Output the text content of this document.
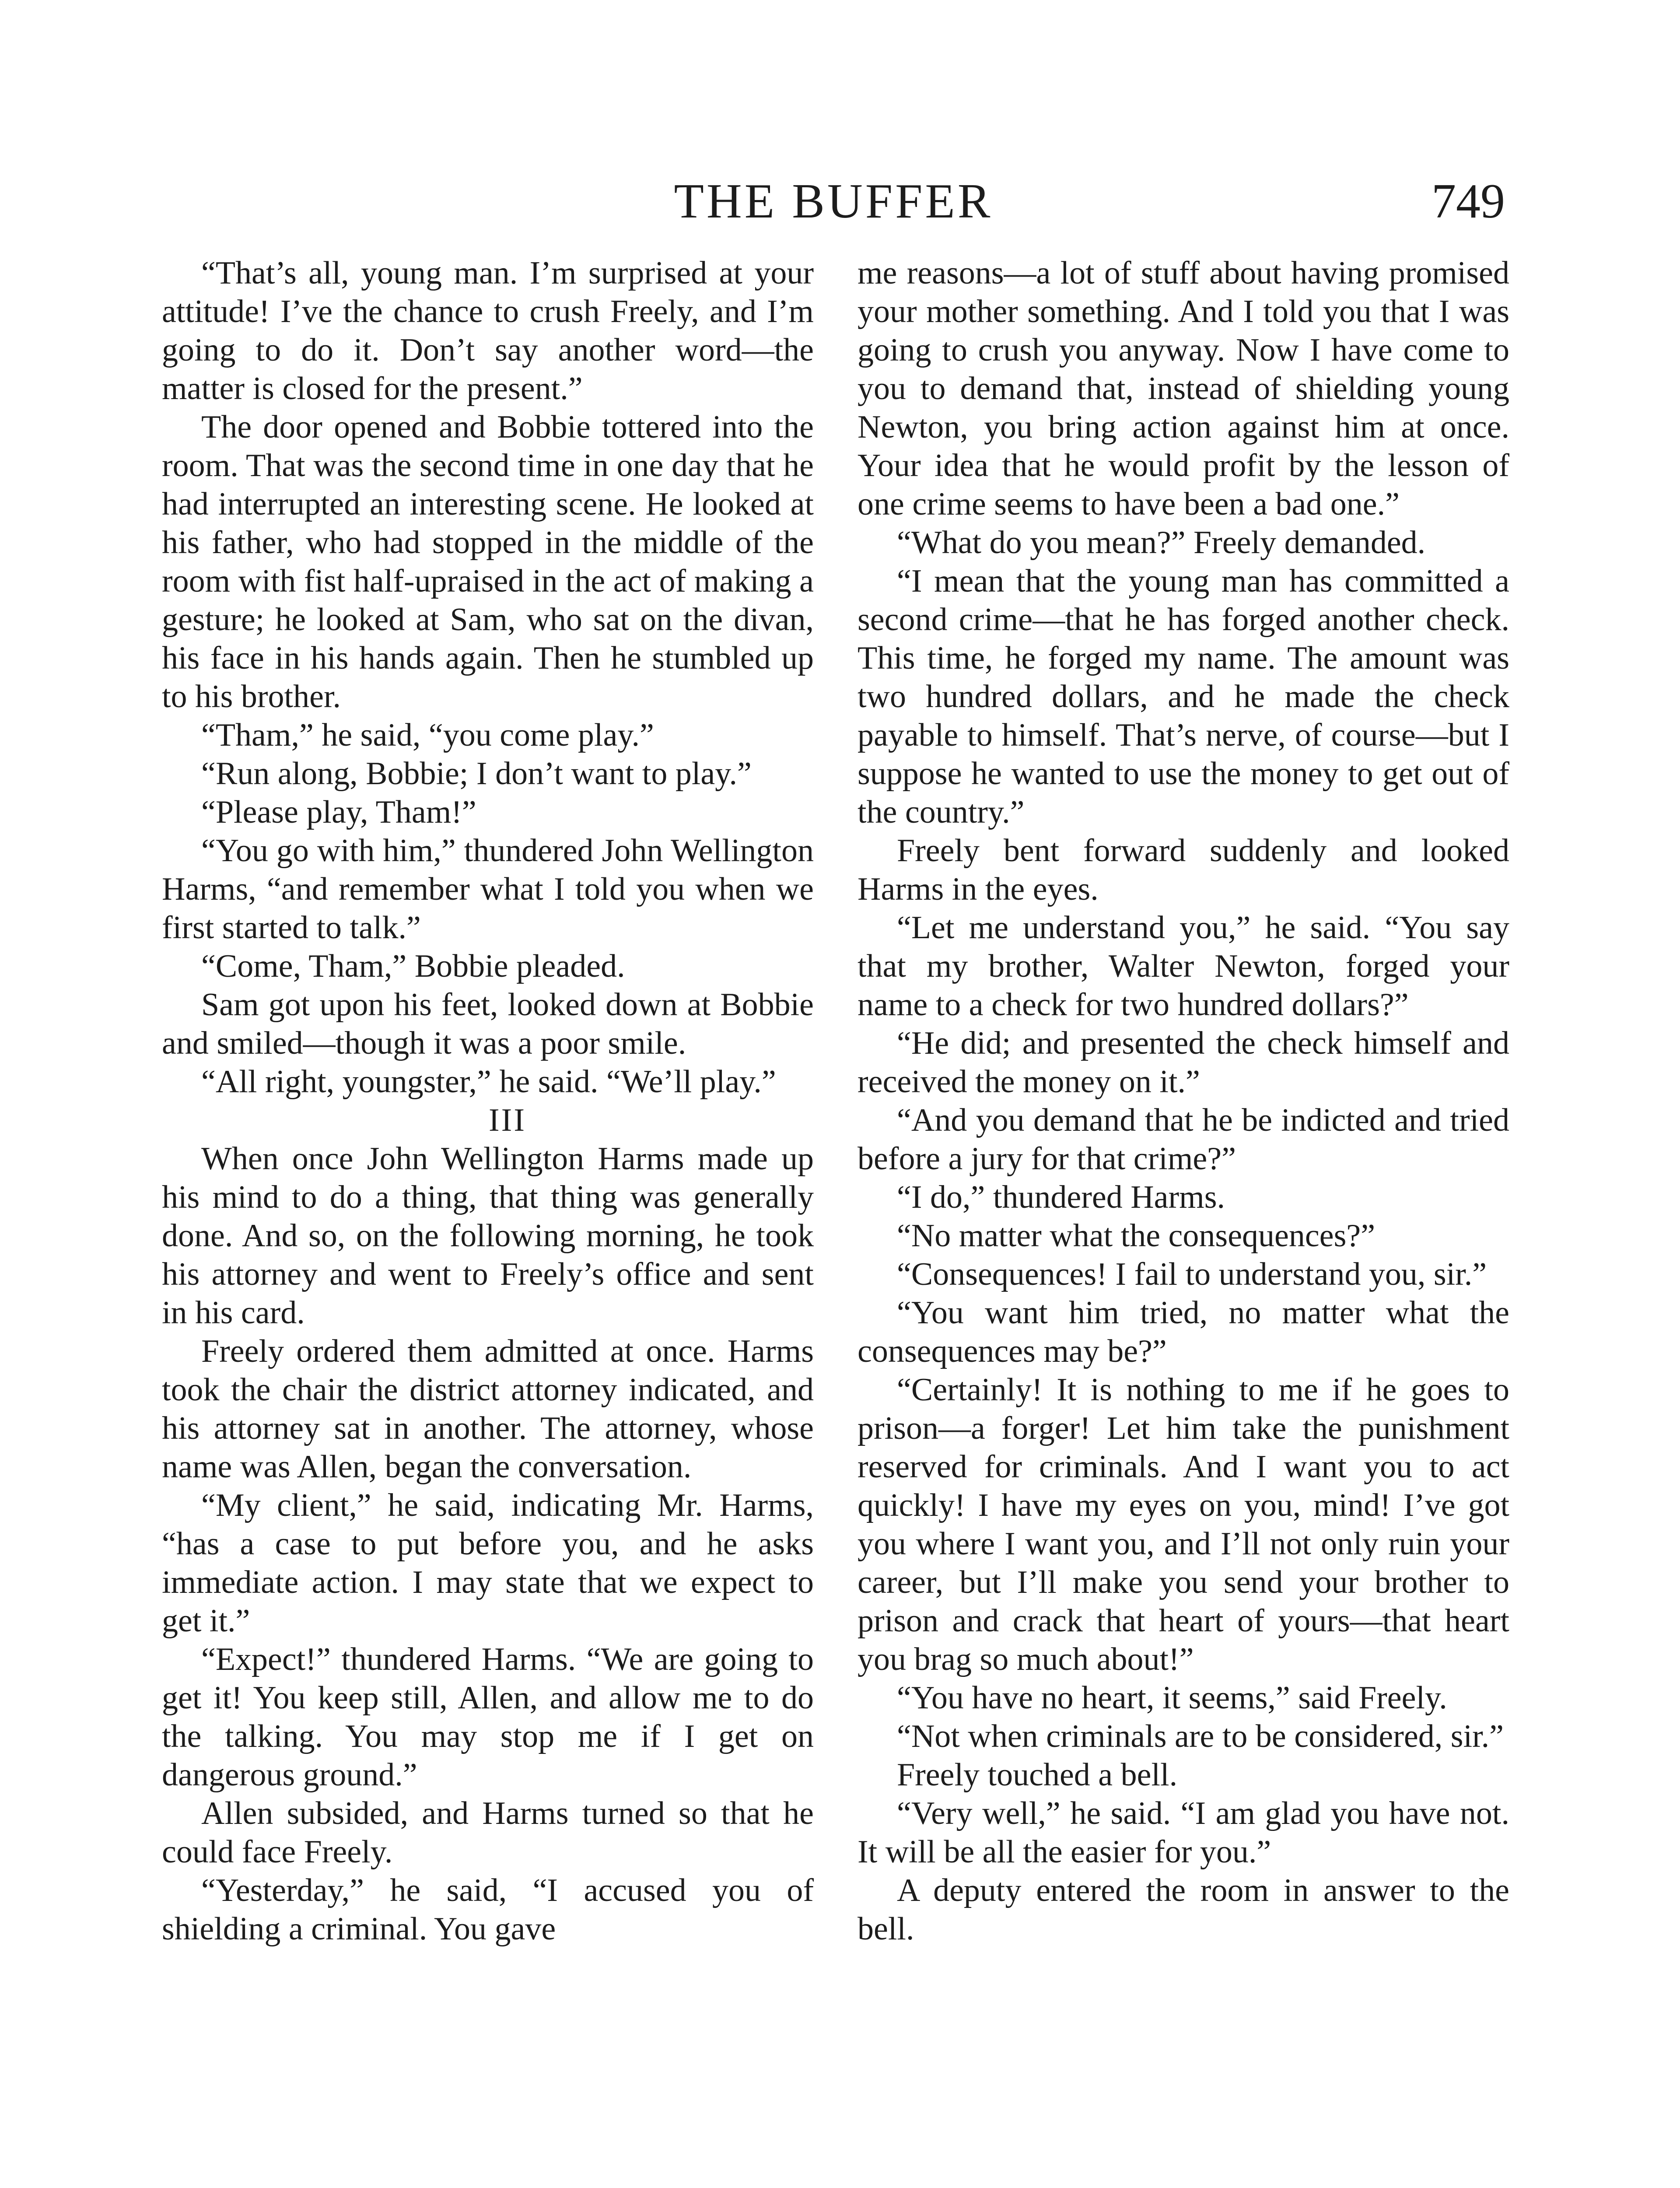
THE BUFFER	749

“That’s all, young man. I’m surprised at your attitude! I’ve the chance to crush Freely, and I’m going to do it. Don’t say another word—the matter is closed for the present.”

The door opened and Bobbie tottered into the room. That was the second time in one day that he had interrupted an interesting scene. He looked at his father, who had stopped in the middle of the room with fist half-upraised in the act of making a gesture; he looked at Sam, who sat on the divan, his face in his hands again. Then he stumbled up to his brother.

“Tham,” he said, “you come play.”

“Run along, Bobbie; I don’t want to play.”

“Please play, Tham!”

“You go with him,” thundered John Wellington Harms, “and remember what I told you when we first started to talk.”

“Come, Tham,” Bobbie pleaded.

Sam got upon his feet, looked down at Bobbie and smiled—though it was a poor smile.

“All right, youngster,” he said. “We’ll play.”

III

When once John Wellington Harms made up his mind to do a thing, that thing was generally done. And so, on the following morning, he took his attorney and went to Freely’s office and sent in his card.

Freely ordered them admitted at once. Harms took the chair the district attorney indicated, and his attorney sat in another. The attorney, whose name was Allen, began the conversation.

“My client,” he said, indicating Mr. Harms, “has a case to put before you, and he asks immediate action. I may state that we expect to get it.”

“Expect!” thundered Harms. “We are going to get it! You keep still, Allen, and allow me to do the talking. You may stop me if I get on dangerous ground.”

Allen subsided, and Harms turned so that he could face Freely.

“Yesterday,” he said, “I accused you of shielding a criminal. You gave

me reasons—a lot of stuff about having promised your mother something. And I told you that I was going to crush you anyway. Now I have come to you to demand that, instead of shielding young Newton, you bring action against him at once. Your idea that he would profit by the lesson of one crime seems to have been a bad one.”

“What do you mean?” Freely demanded.

“I mean that the young man has committed a second crime—that he has forged another check. This time, he forged my name. The amount was two hundred dollars, and he made the check payable to himself. That’s nerve, of course—but I suppose he wanted to use the money to get out of the country.”

Freely bent forward suddenly and looked Harms in the eyes.

“Let me understand you,” he said. “You say that my brother, Walter Newton, forged your name to a check for two hundred dollars?”

“He did; and presented the check himself and received the money on it.”

“And you demand that he be indicted and tried before a jury for that crime?”

“I do,” thundered Harms.

“No matter what the consequences?”

“Consequences! I fail to understand you, sir.”

“You want him tried, no matter what the consequences may be?”

“Certainly! It is nothing to me if he goes to prison—a forger! Let him take the punishment reserved for criminals. And I want you to act quickly! I have my eyes on you, mind! I’ve got you where I want you, and I’ll not only ruin your career, but I’ll make you send your brother to prison and crack that heart of yours—that heart you brag so much about!”

“You have no heart, it seems,” said Freely.

“Not when criminals are to be considered, sir.”

Freely touched a bell.

“Very well,” he said. “I am glad you have not. It will be all the easier for you.”

A deputy entered the room in answer to the bell.
